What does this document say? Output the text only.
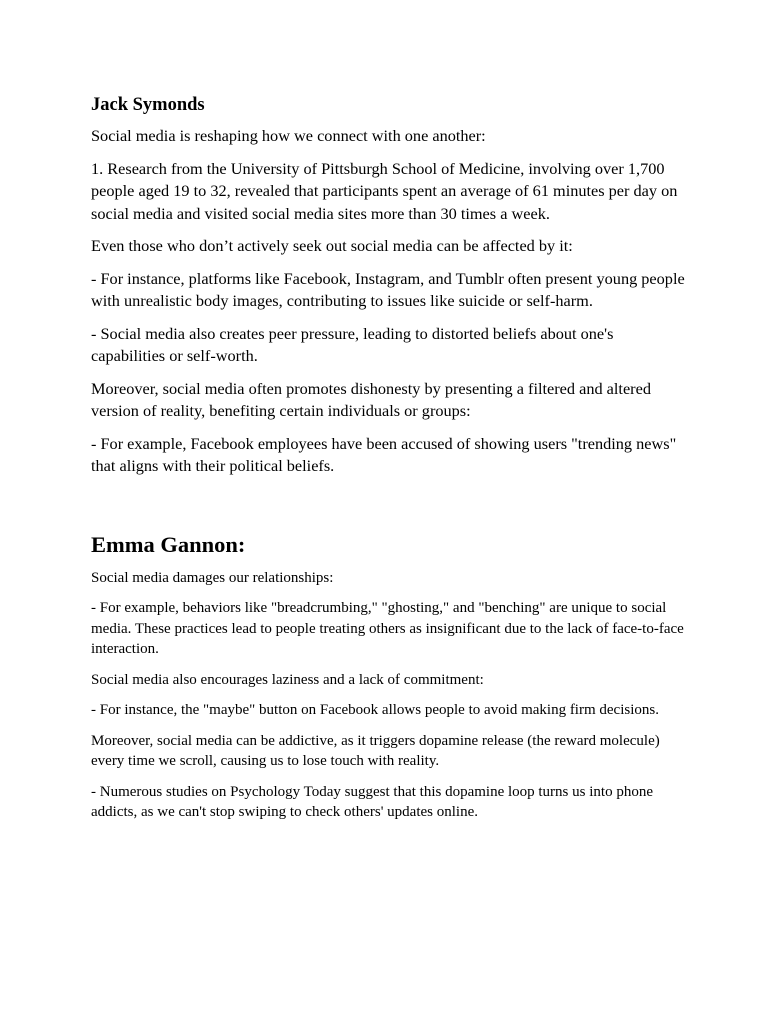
Jack Symonds

Social media is reshaping how we connect with one another:

1. Research from the University of Pittsburgh School of Medicine, involving over 1,700 people aged 19 to 32, revealed that participants spent an average of 61 minutes per day on social media and visited social media sites more than 30 times a week.

Even those who don’t actively seek out social media can be affected by it:

- For instance, platforms like Facebook, Instagram, and Tumblr often present young people with unrealistic body images, contributing to issues like suicide or self-harm.

- Social media also creates peer pressure, leading to distorted beliefs about one's capabilities or self-worth.

Moreover, social media often promotes dishonesty by presenting a filtered and altered version of reality, benefiting certain individuals or groups:

- For example, Facebook employees have been accused of showing users "trending news" that aligns with their political beliefs.

Emma Gannon:

Social media damages our relationships:

- For example, behaviors like "breadcrumbing," "ghosting," and "benching" are unique to social media. These practices lead to people treating others as insignificant due to the lack of face-to-face interaction.

Social media also encourages laziness and a lack of commitment:

- For instance, the "maybe" button on Facebook allows people to avoid making firm decisions.

Moreover, social media can be addictive, as it triggers dopamine release (the reward molecule) every time we scroll, causing us to lose touch with reality.

- Numerous studies on Psychology Today suggest that this dopamine loop turns us into phone addicts, as we can't stop swiping to check others' updates online.
